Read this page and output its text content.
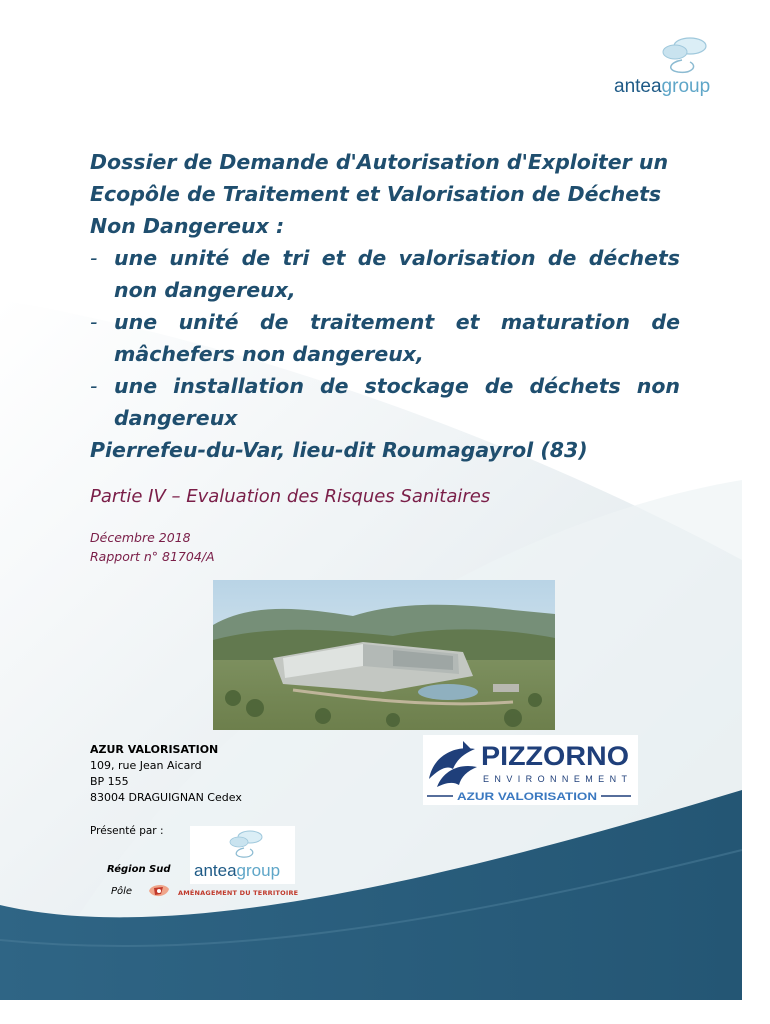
anteagroup
Dossier de Demande d'Autorisation d'Exploiter un
Ecopôle de Traitement et Valorisation de Déchets
Non Dangereux :
- une unité de tri et de valorisation de déchets non dangereux,
- une unité de traitement et maturation de mâchefers non dangereux,
- une installation de stockage de déchets non dangereux
Pierrefeu-du-Var, lieu-dit Roumagayrol (83)
Partie IV – Evaluation des Risques Sanitaires
Décembre 2018
Rapport n° 81704/A
AZUR VALORISATION
109, rue Jean Aicard
BP 155
83004 DRAGUIGNAN Cedex
PIZZORNO
ENVIRONNEMENT
AZUR VALORISATION
Présenté par :
anteagroup
Région Sud
Pôle	AMÉNAGEMENT DU TERRITOIRE
